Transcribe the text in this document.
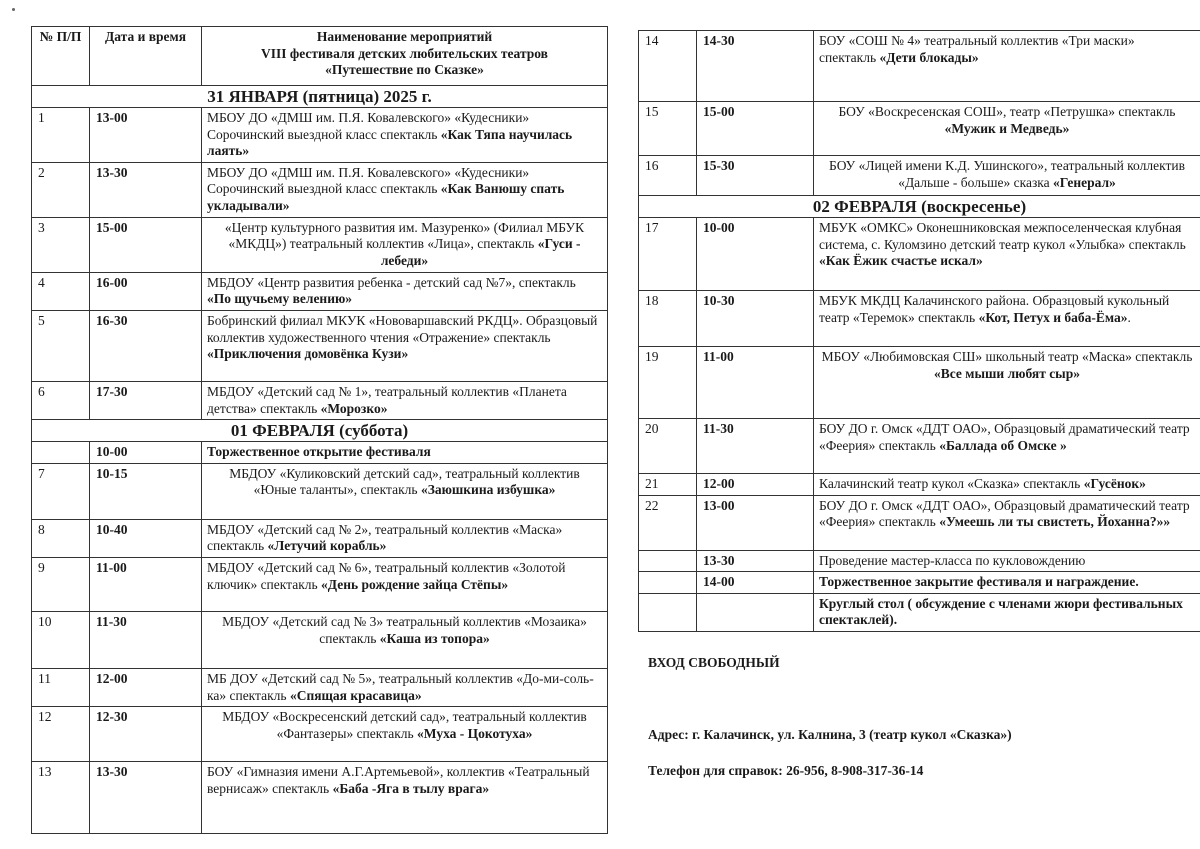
№ П/П	Дата и время	Наименование мероприятий
VIII фестиваля детских любительских театров
«Путешествие по Сказке»

31 ЯНВАРЯ (пятница) 2025 г.		
1	13-00	МБОУ ДО «ДМШ им. П.Я. Ковалевского» «Кудесники» Сорочинский выездной класс спектакль «Как Тяпа научилась лаять»
2	13-30	МБОУ ДО «ДМШ им. П.Я. Ковалевского» «Кудесники» Сорочинский выездной класс спектакль «Как Ванюшу спать укладывали»
3	15-00	«Центр культурного развития им. Мазуренко» (Филиал МБУК «МКДЦ») театральный коллектив «Лица», спектакль «Гуси - лебеди»
4	16-00	МБДОУ «Центр развития ребенка - детский сад №7», спектакль «По щучьему велению»
5	16-30	Бобринский филиал МКУК «Нововаршавский РКДЦ». Образцовый коллектив художественного чтения «Отражение» спектакль «Приключения домовёнка Кузи»
6	17-30	МБДОУ «Детский сад № 1», театральный коллектив «Планета детства» спектакль «Морозко»
01 ФЕВРАЛЯ (суббота)		
	10-00	Торжественное открытие фестиваля
7	10-15	МБДОУ «Куликовский детский сад», театральный коллектив «Юные таланты», спектакль «Заюшкина избушка»
8	10-40	МБДОУ «Детский сад № 2», театральный коллектив «Маска» спектакль «Летучий корабль»
9	11-00	МБДОУ «Детский сад № 6», театральный коллектив «Золотой ключик» спектакль «День рождение зайца Стёпы»
10	11-30	МБДОУ «Детский сад № 3» театральный коллектив «Мозаика» спектакль «Каша из топора»
11	12-00	МБ ДОУ «Детский сад № 5», театральный коллектив «До-ми-соль-ка» спектакль «Спящая красавица»
12	12-30	МБДОУ «Воскресенский детский сад», театральный коллектив «Фантазеры» спектакль «Муха - Цокотуха»
13	13-30	БОУ «Гимназия имени А.Г.Артемьевой», коллектив «Театральный вернисаж» спектакль «Баба -Яга в тылу врага»
14	14-30	БОУ «СОШ № 4» театральный коллектив «Три маски» спектакль «Дети блокады»
15	15-00	БОУ «Воскресенская СОШ», театр «Петрушка» спектакль «Мужик и Медведь»
16	15-30	БОУ «Лицей имени К.Д. Ушинского», театральный коллектив «Дальше - больше» сказка «Генерал»
02 ФЕВРАЛЯ (воскресенье)		
17	10-00	МБУК «ОМКС» Оконешниковская межпоселенческая клубная система, с. Куломзино детский театр кукол «Улыбка» спектакль «Как Ёжик счастье искал»
18	10-30	МБУК МКДЦ Калачинского района. Образцовый кукольный театр «Теремок» спектакль «Кот, Петух и баба-Ёма».
19	11-00	МБОУ «Любимовская СШ» школьный театр «Маска» спектакль «Все мыши любят сыр»
20	11-30	БОУ ДО г. Омск «ДДТ ОАО», Образцовый драматический театр «Феерия» спектакль «Баллада об Омске »
21	12-00	Калачинский театр кукол «Сказка» спектакль «Гусёнок»
22	13-00	БОУ ДО г. Омск «ДДТ ОАО», Образцовый драматический театр «Феерия» спектакль «Умеешь ли ты свистеть, Йоханна?»»
	13-30	Проведение мастер-класса по кукловождению
	14-00	Торжественное закрытие фестиваля и награждение.
		Круглый стол ( обсуждение с членами жюри фестивальных спектаклей).
ВХОД СВОБОДНЫЙ
Адрес: г. Калачинск, ул. Калнина, 3 (театр кукол «Сказка»)
Телефон для справок: 26-956, 8-908-317-36-14
